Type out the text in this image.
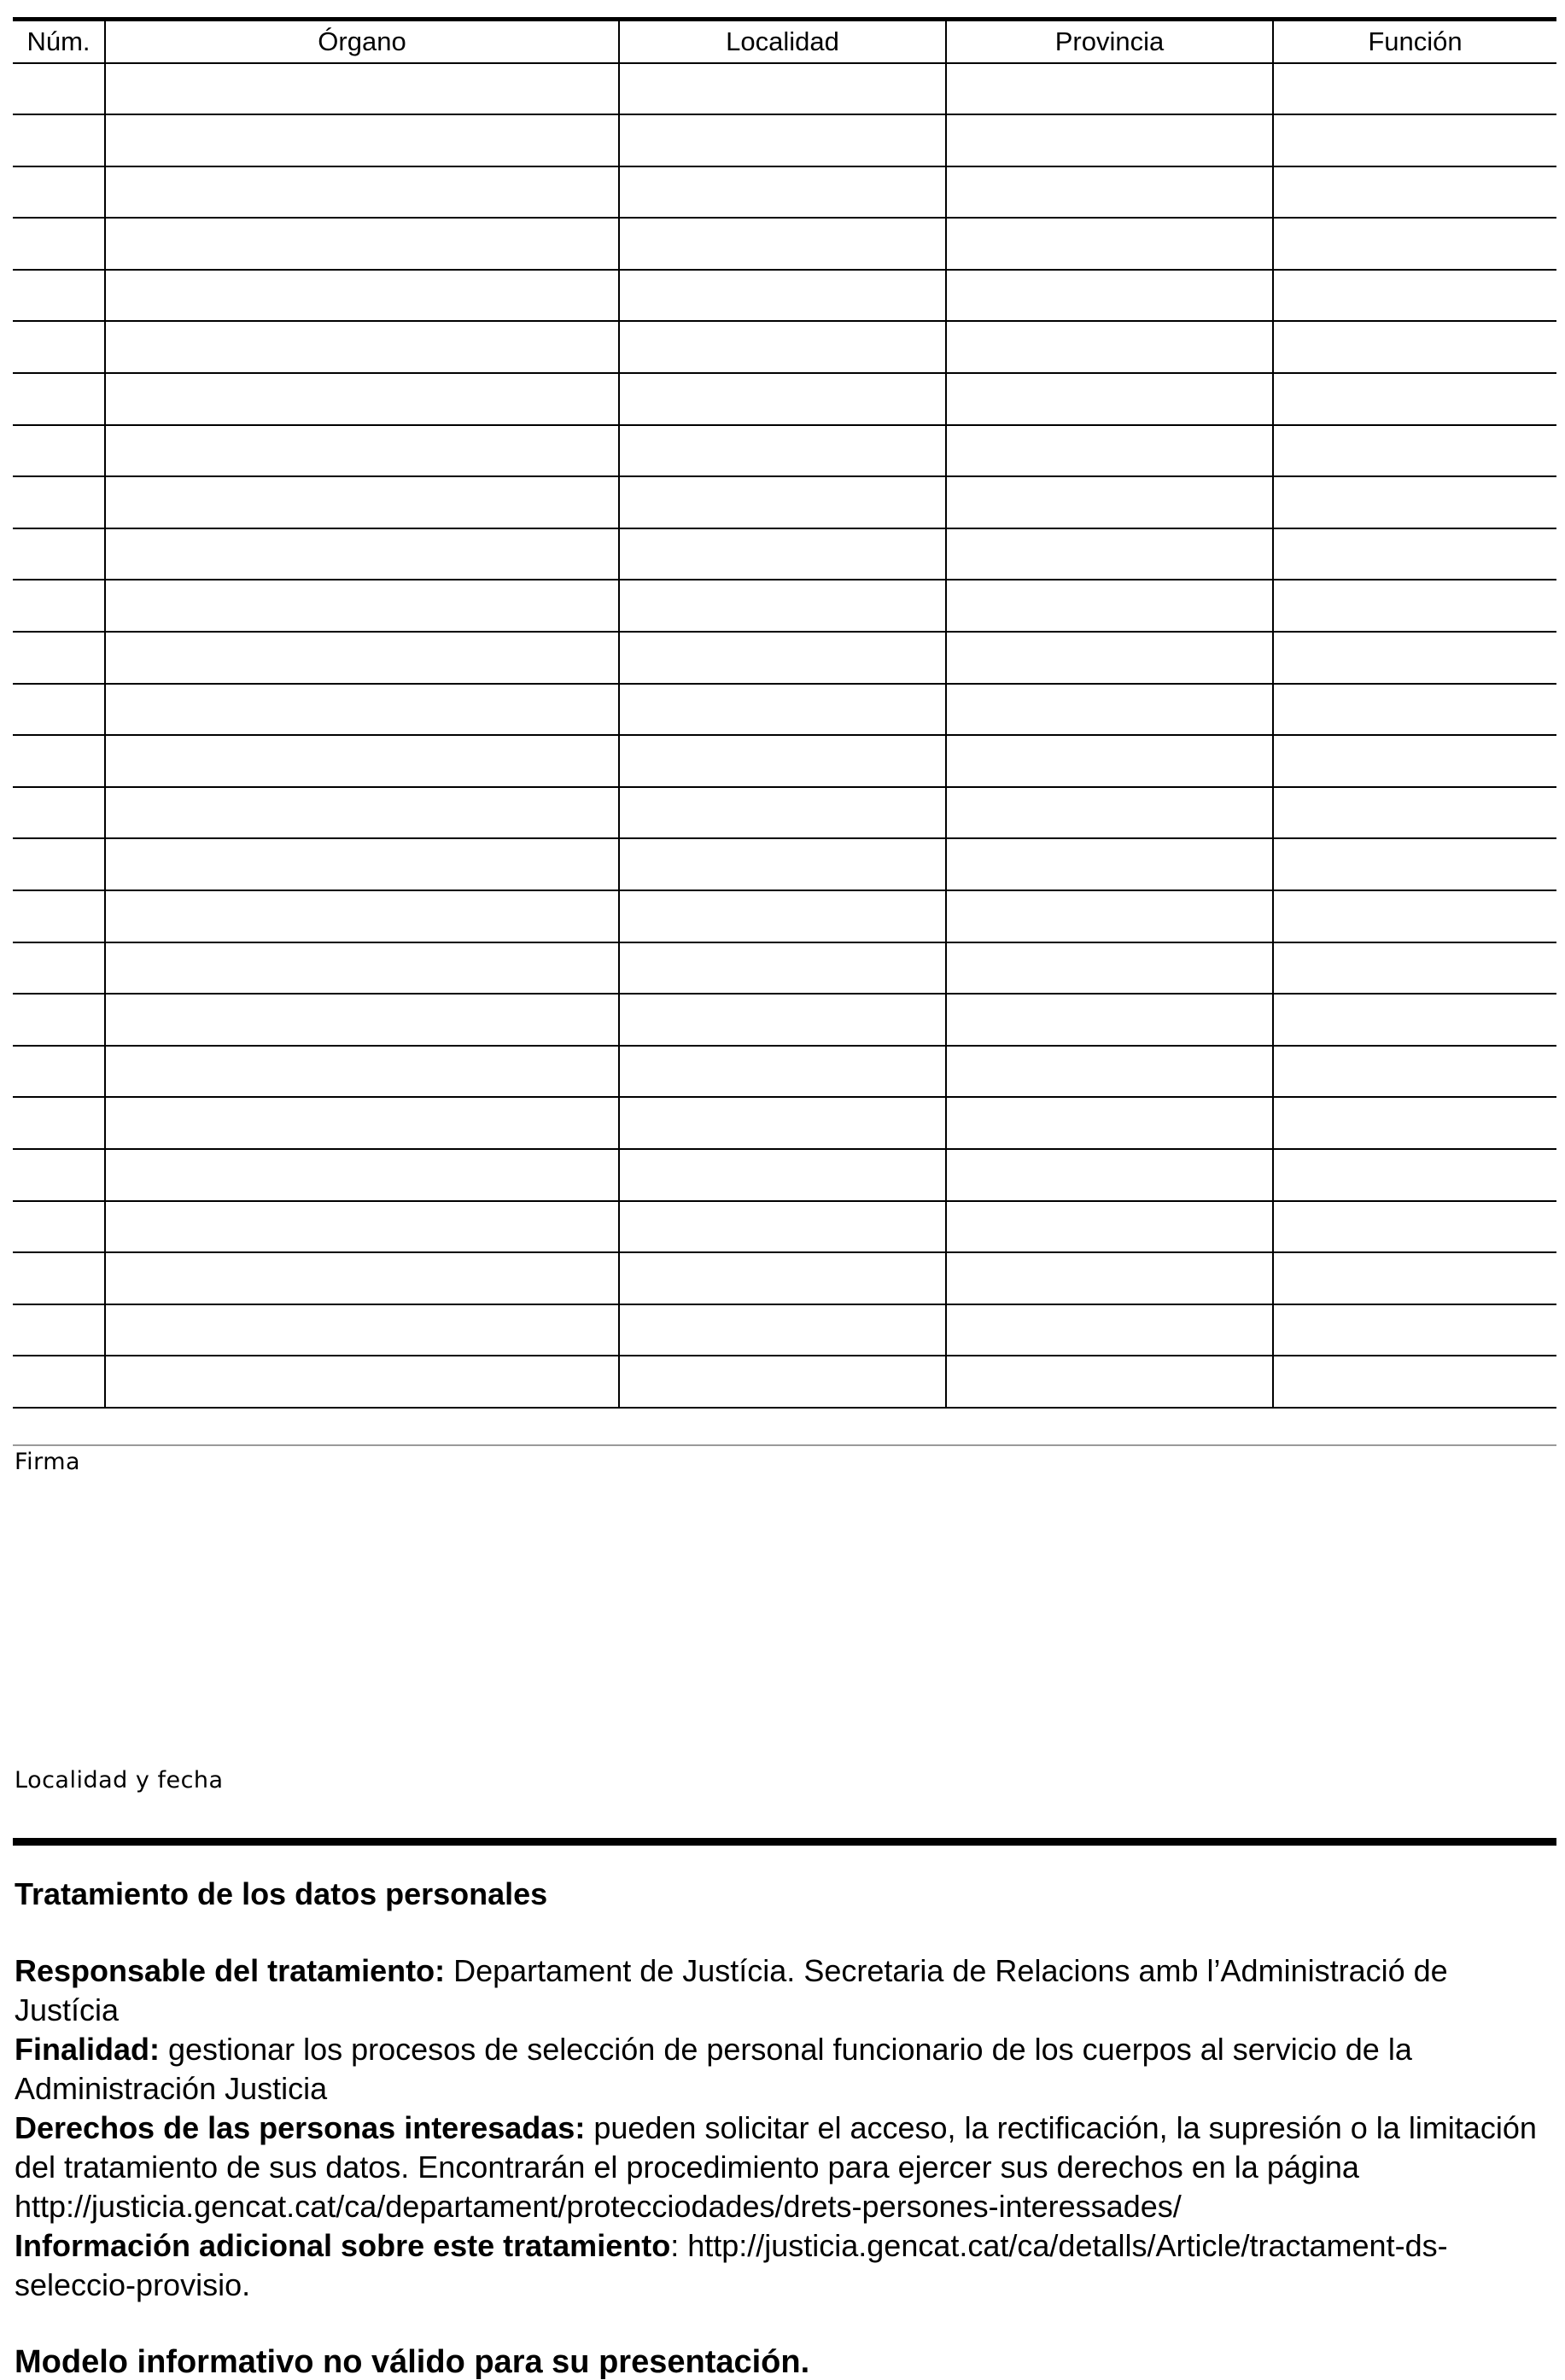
Núm.	Órgano	Localidad	Provincia	Función

Firma
Localidad y fecha

Tratamiento de los datos personales

Responsable del tratamiento: Departament de Justícia. Secretaria de Relacions amb l’Administració de Justícia

Finalidad: gestionar los procesos de selección de personal funcionario de los cuerpos al servicio de la Administración Justicia

Derechos de las personas interesadas: pueden solicitar el acceso, la rectificación, la supresión o la limitación del tratamiento de sus datos. Encontrarán el procedimiento para ejercer sus derechos en la página http://justicia.gencat.cat/ca/departament/protecciodades/drets-persones-interessades/

Información adicional sobre este tratamiento: http://justicia.gencat.cat/ca/detalls/Article/tractament-ds-seleccio-provisio.

Modelo informativo no válido para su presentación.
